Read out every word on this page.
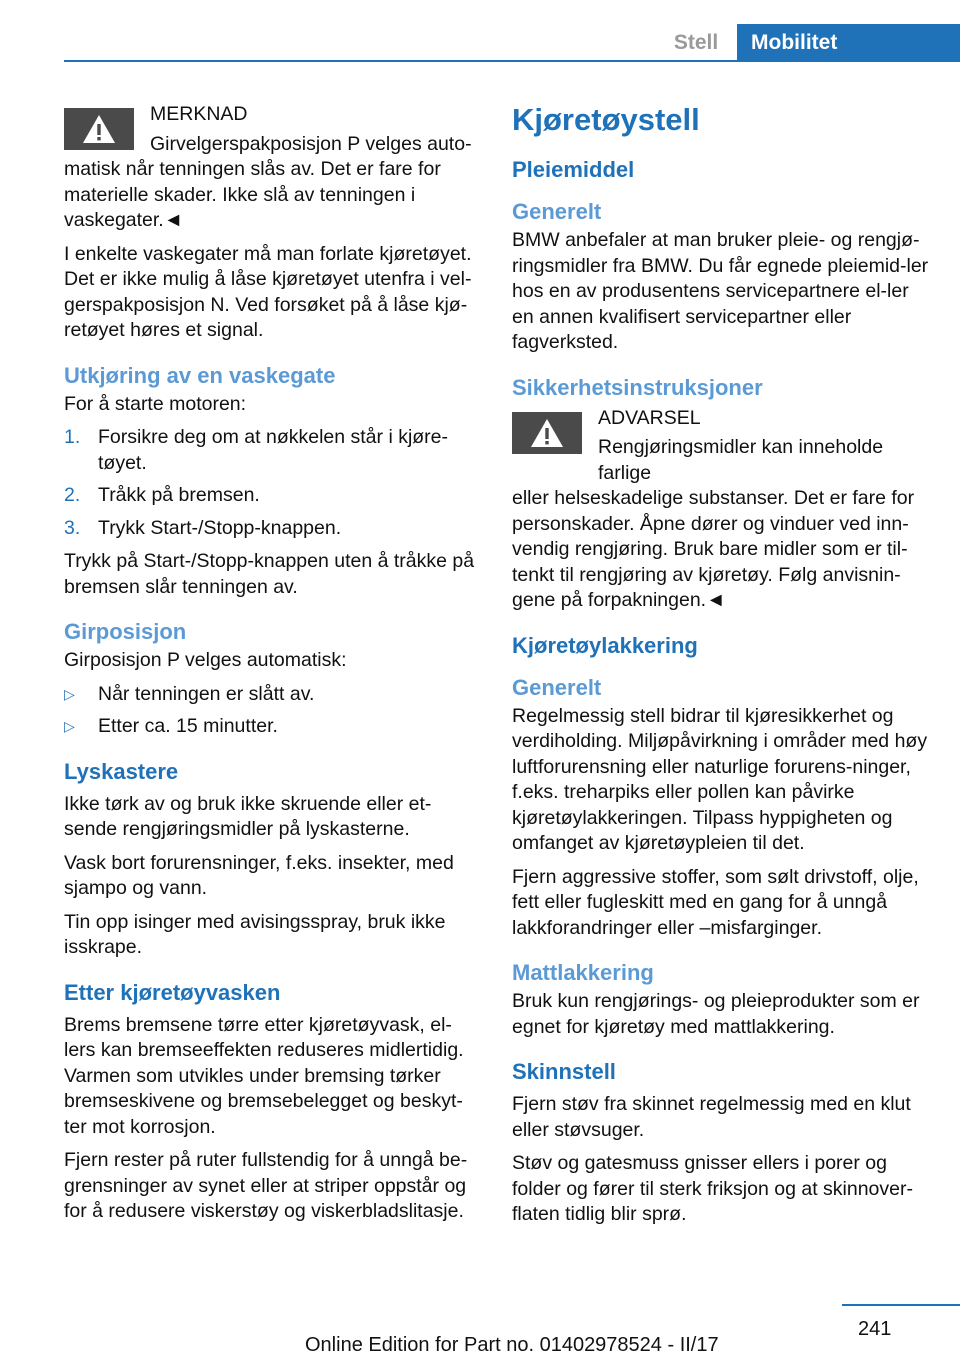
Stell	Mobilitet
MERKNAD
Girvelgerspakposisjon P velges auto-
matisk når tenningen slås av. Det er fare for materielle skader. Ikke slå av tenningen i vaskegater.◄

I enkelte vaskegater må man forlate kjøretøyet. Det er ikke mulig å låse kjøretøyet utenfra i vel-gerspakposisjon N. Ved forsøket på å låse kjø-retøyet høres et signal.

Utkjøring av en vaskegate

For å starte motoren:

1. Forsikre deg om at nøkkelen står i kjøre-tøyet.
2. Tråkk på bremsen.
3. Trykk Start-/Stopp-knappen.

Trykk på Start-/Stopp-knappen uten å tråkke på bremsen slår tenningen av.

Girposisjon

Girposisjon P velges automatisk:

▷	Når tenningen er slått av.
▷	Etter ca. 15 minutter.
Lyskastere

Ikke tørk av og bruk ikke skruende eller et-sende rengjøringsmidler på lyskasterne.

Vask bort forurensninger, f.eks. insekter, med sjampo og vann.

Tin opp isinger med avisingsspray, bruk ikke isskrape.

Etter kjøretøyvasken

Brems bremsene tørre etter kjøretøyvask, el-lers kan bremseeffekten reduseres midlertidig. Varmen som utvikles under bremsing tørker bremseskivene og bremsebelegget og beskyt-ter mot korrosjon.

Fjern rester på ruter fullstendig for å unngå be-grensninger av synet eller at striper oppstår og for å redusere viskerstøy og viskerbladslitasje.

Kjøretøystell
Pleiemiddel
Generelt

BMW anbefaler at man bruker pleie- og rengjø-ringsmidler fra BMW. Du får egnede pleiemid-ler hos en av produsentens servicepartnere el-ler en annen kvalifisert servicepartner eller fagverksted.

Sikkerhetsinstruksjoner
ADVARSEL
Rengjøringsmidler kan inneholde farlige
eller helseskadelige substanser. Det er fare for personskader. Åpne dører og vinduer ved inn-vendig rengjøring. Bruk bare midler som er til-tenkt til rengjøring av kjøretøy. Følg anvisnin-gene på forpakningen.◄
Kjøretøylakkering
Generelt

Regelmessig stell bidrar til kjøresikkerhet og verdiholding. Miljøpåvirkning i områder med høy luftforurensning eller naturlige forurens-ninger, f.eks. treharpiks eller pollen kan påvirke kjøretøylakkeringen. Tilpass hyppigheten og omfanget av kjøretøypleien til det.

Fjern aggressive stoffer, som sølt drivstoff, olje, fett eller fugleskitt med en gang for å unngå lakkforandringer eller –misfarginger.

Mattlakkering

Bruk kun rengjørings- og pleieprodukter som er egnet for kjøretøy med mattlakkering.

Skinnstell

Fjern støv fra skinnet regelmessig med en klut eller støvsuger.

Støv og gatesmuss gnisser ellers i porer og folder og fører til sterk friksjon og at skinnover-flaten tidlig blir sprø.

241
Online Edition for Part no. 01402978524 - II/17
